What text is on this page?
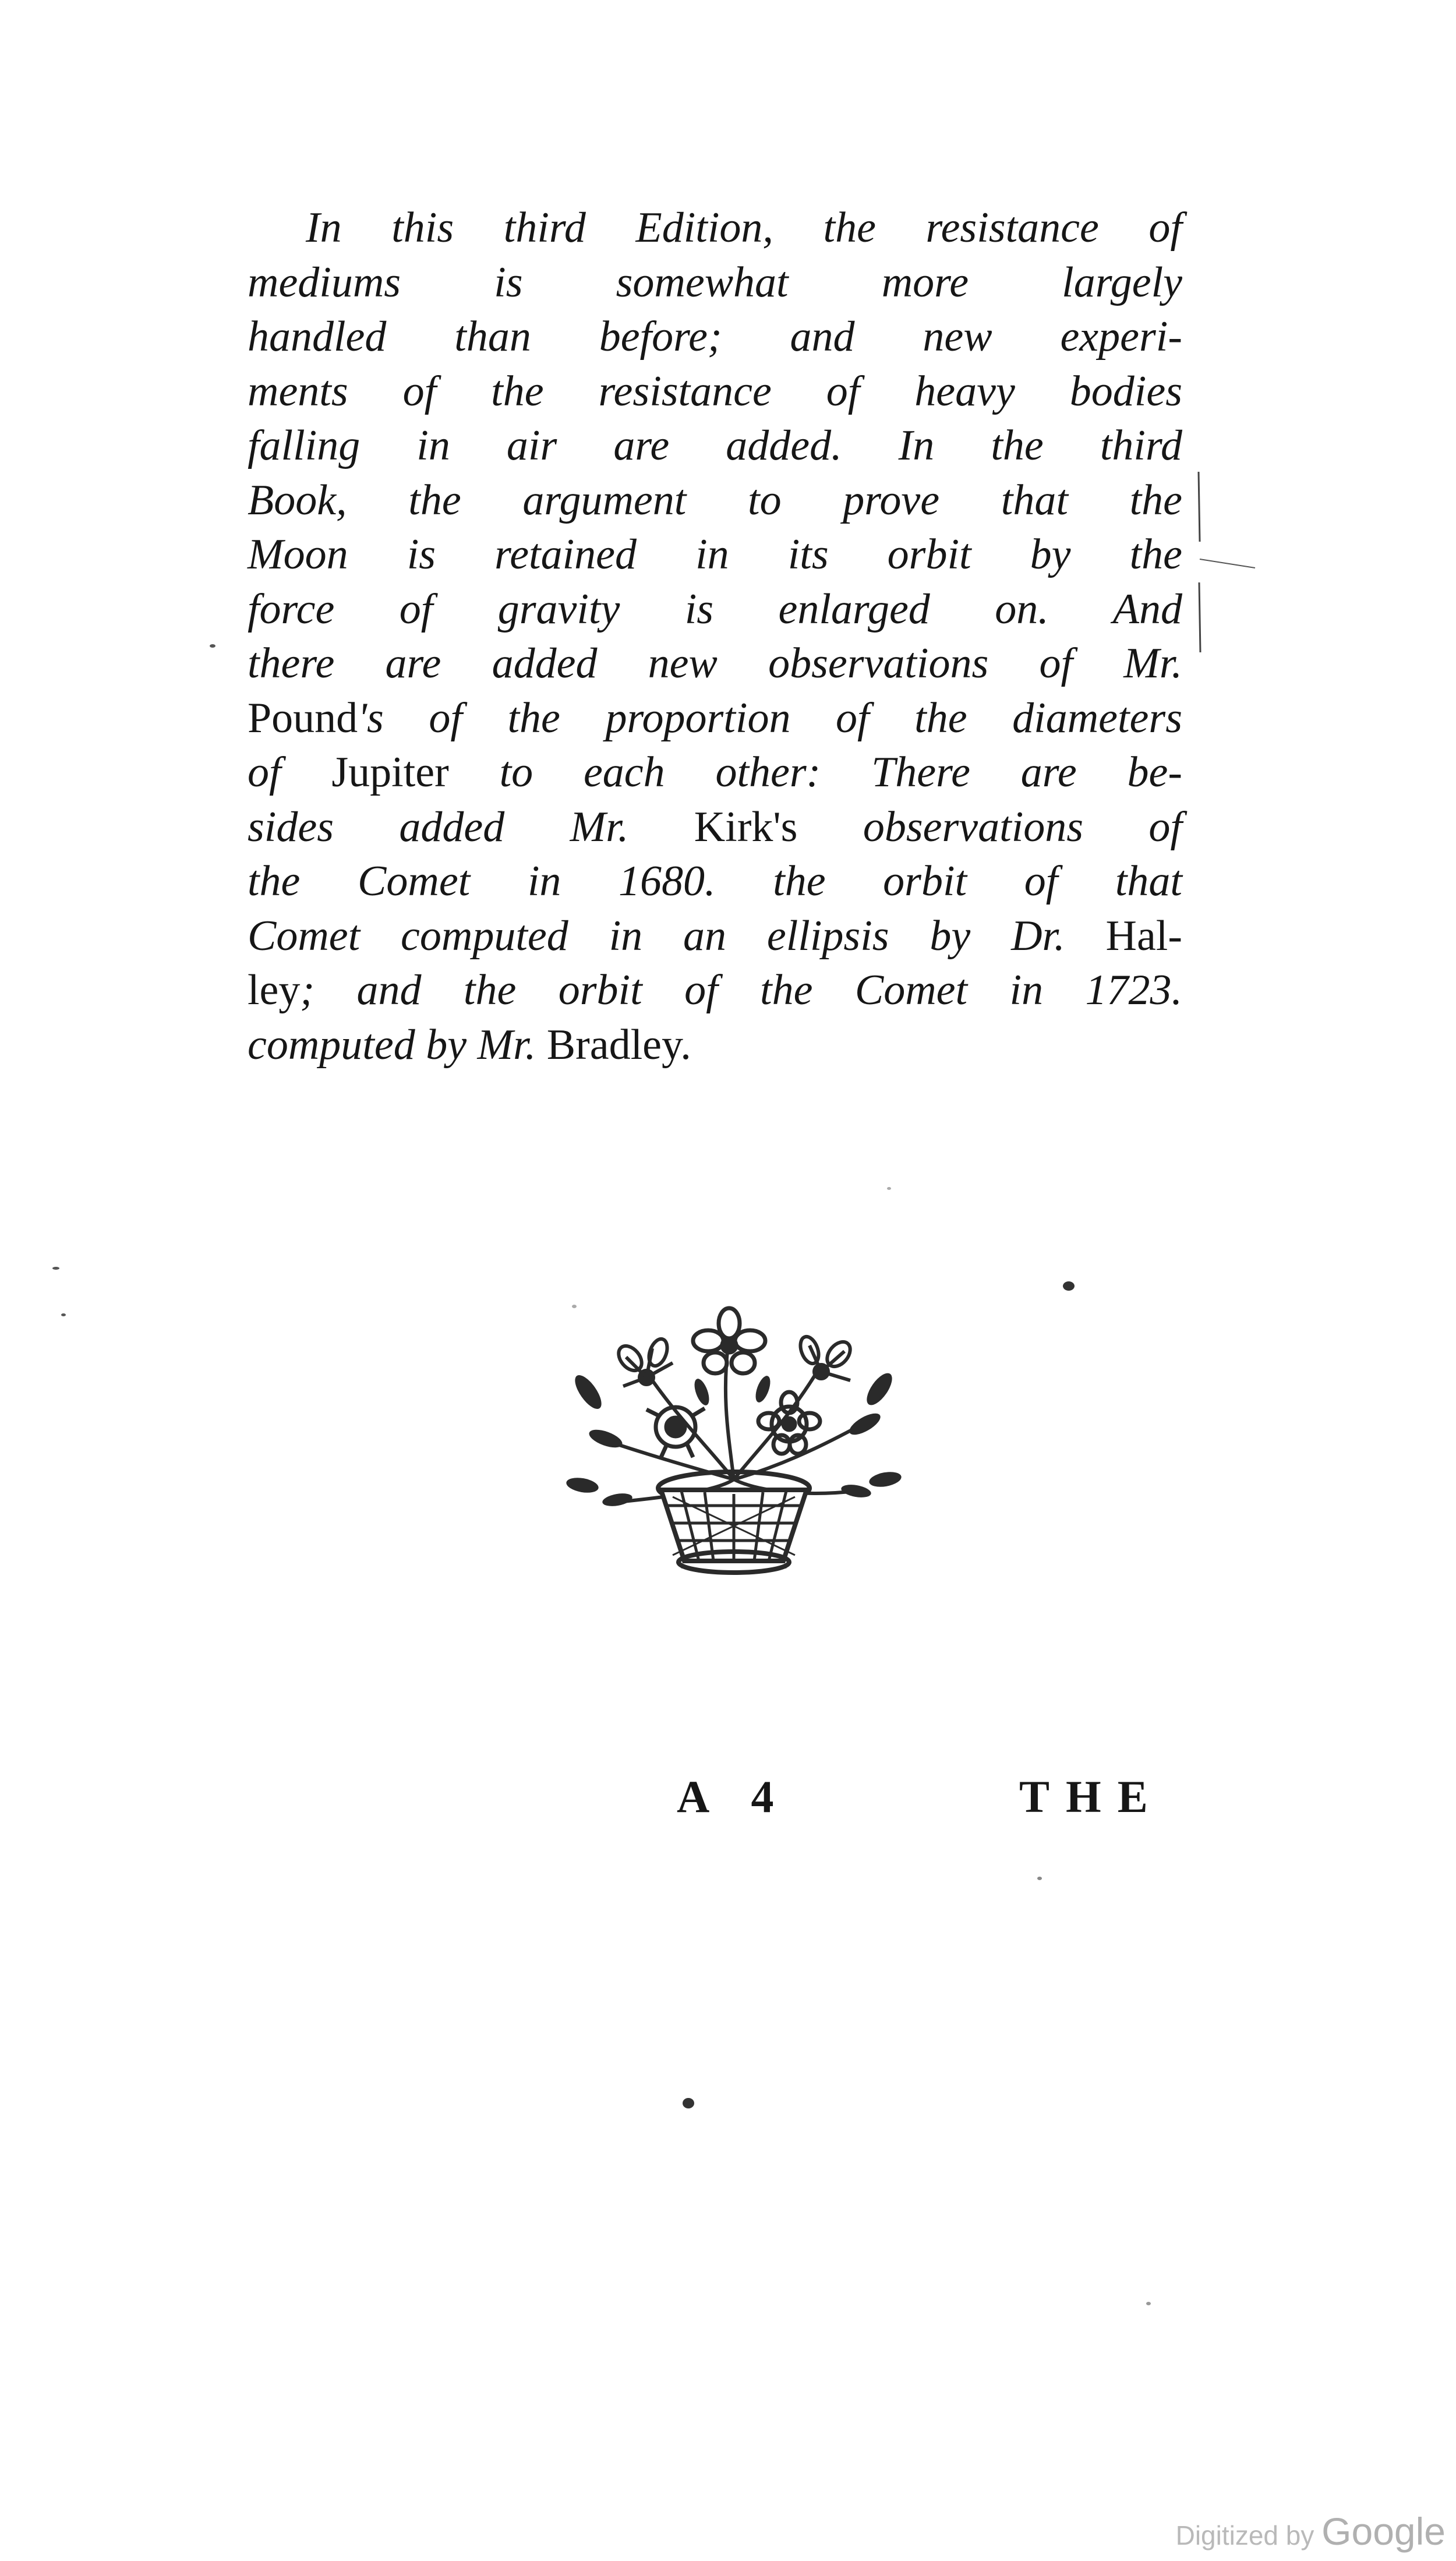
In this third Edition, the resistance of
mediums is somewhat more largely
handled than before; and new experi-
ments of the resistance of heavy bodies
falling in air are added. In the third
Book, the argument to prove that the
Moon is retained in its orbit by the
force of gravity is enlarged on. And
there are added new observations of Mr.
Pound's of the proportion of the diameters
of Jupiter to each other: There are be-
sides added Mr. Kirk's observations of
the Comet in 1680. the orbit of that
Comet computed in an ellipsis by Dr. Hal-
ley; and the orbit of the Comet in 1723.
computed by Mr. Bradley.
A 4	THE
Digitized by Google
